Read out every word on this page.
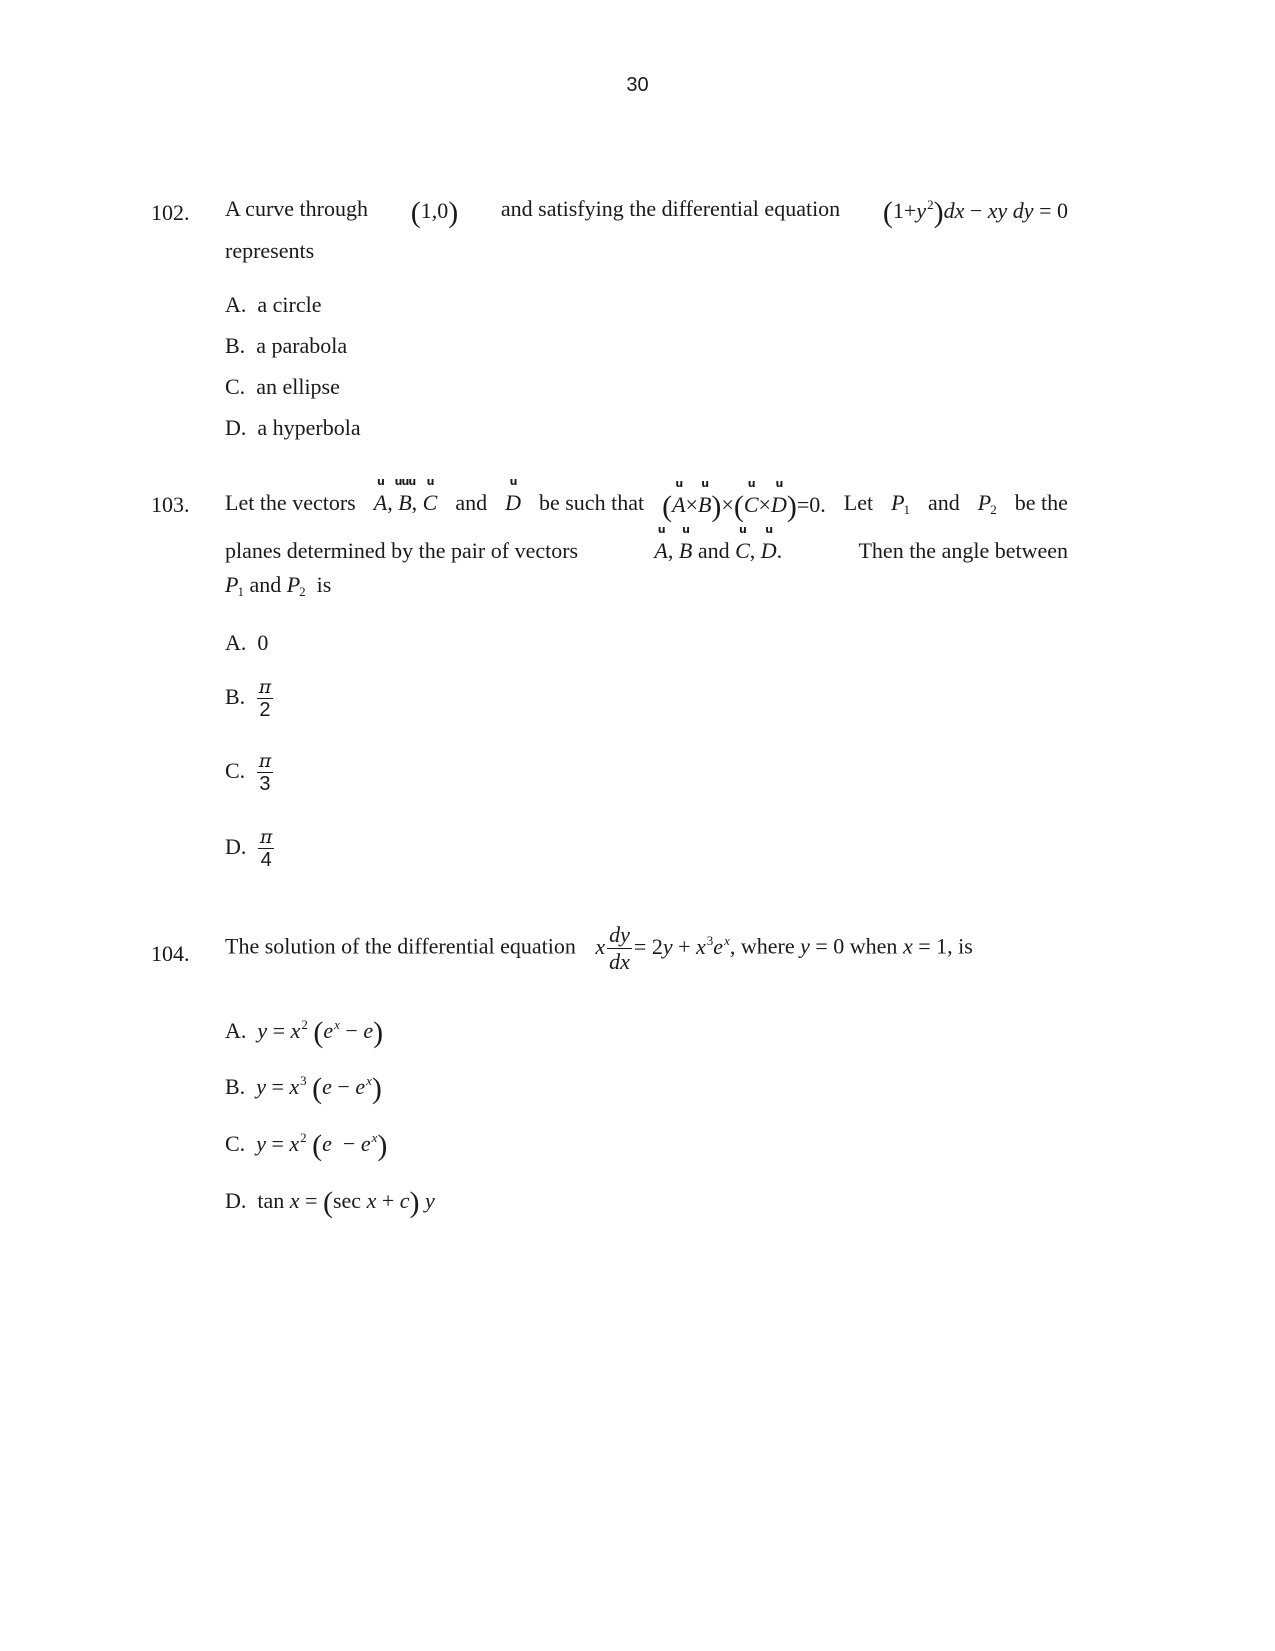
30
102. A curve through (1,0) and satisfying the differential equation $(1+y^2)dx$ − xy dy = 0
represents
A. a circle
B. a parabola
C. an ellipse
D. a hyperbola
103. Let the vectors A
u
, B
uuu
, C
u
and D
u
be such that (A
u
×B
u
)×(C
u
×D
u
)=0. Let $P_1$ and $P_2$ be the
planes determined by the pair of vectors	A
u
, B
u
and C
u
, D
u
.	Then the angle between
$P_1$ and $P_2$ is
A. 0
B. $\frac{\pi}{2}$
C. $\frac{\pi}{3}$
D. $\frac{\pi}{4}$
104. The solution of the differential equation x $\frac{dy}{dx} = 2y + x^3e^x$, where y = 0 when x = 1, is
A. $y = x^2$ $(e^x - e)$
B. $y = x^3$ $(e - e^x)$
C. $y = x^2$ $(e - e^x)$
D. tan x = (sec x + c) y
